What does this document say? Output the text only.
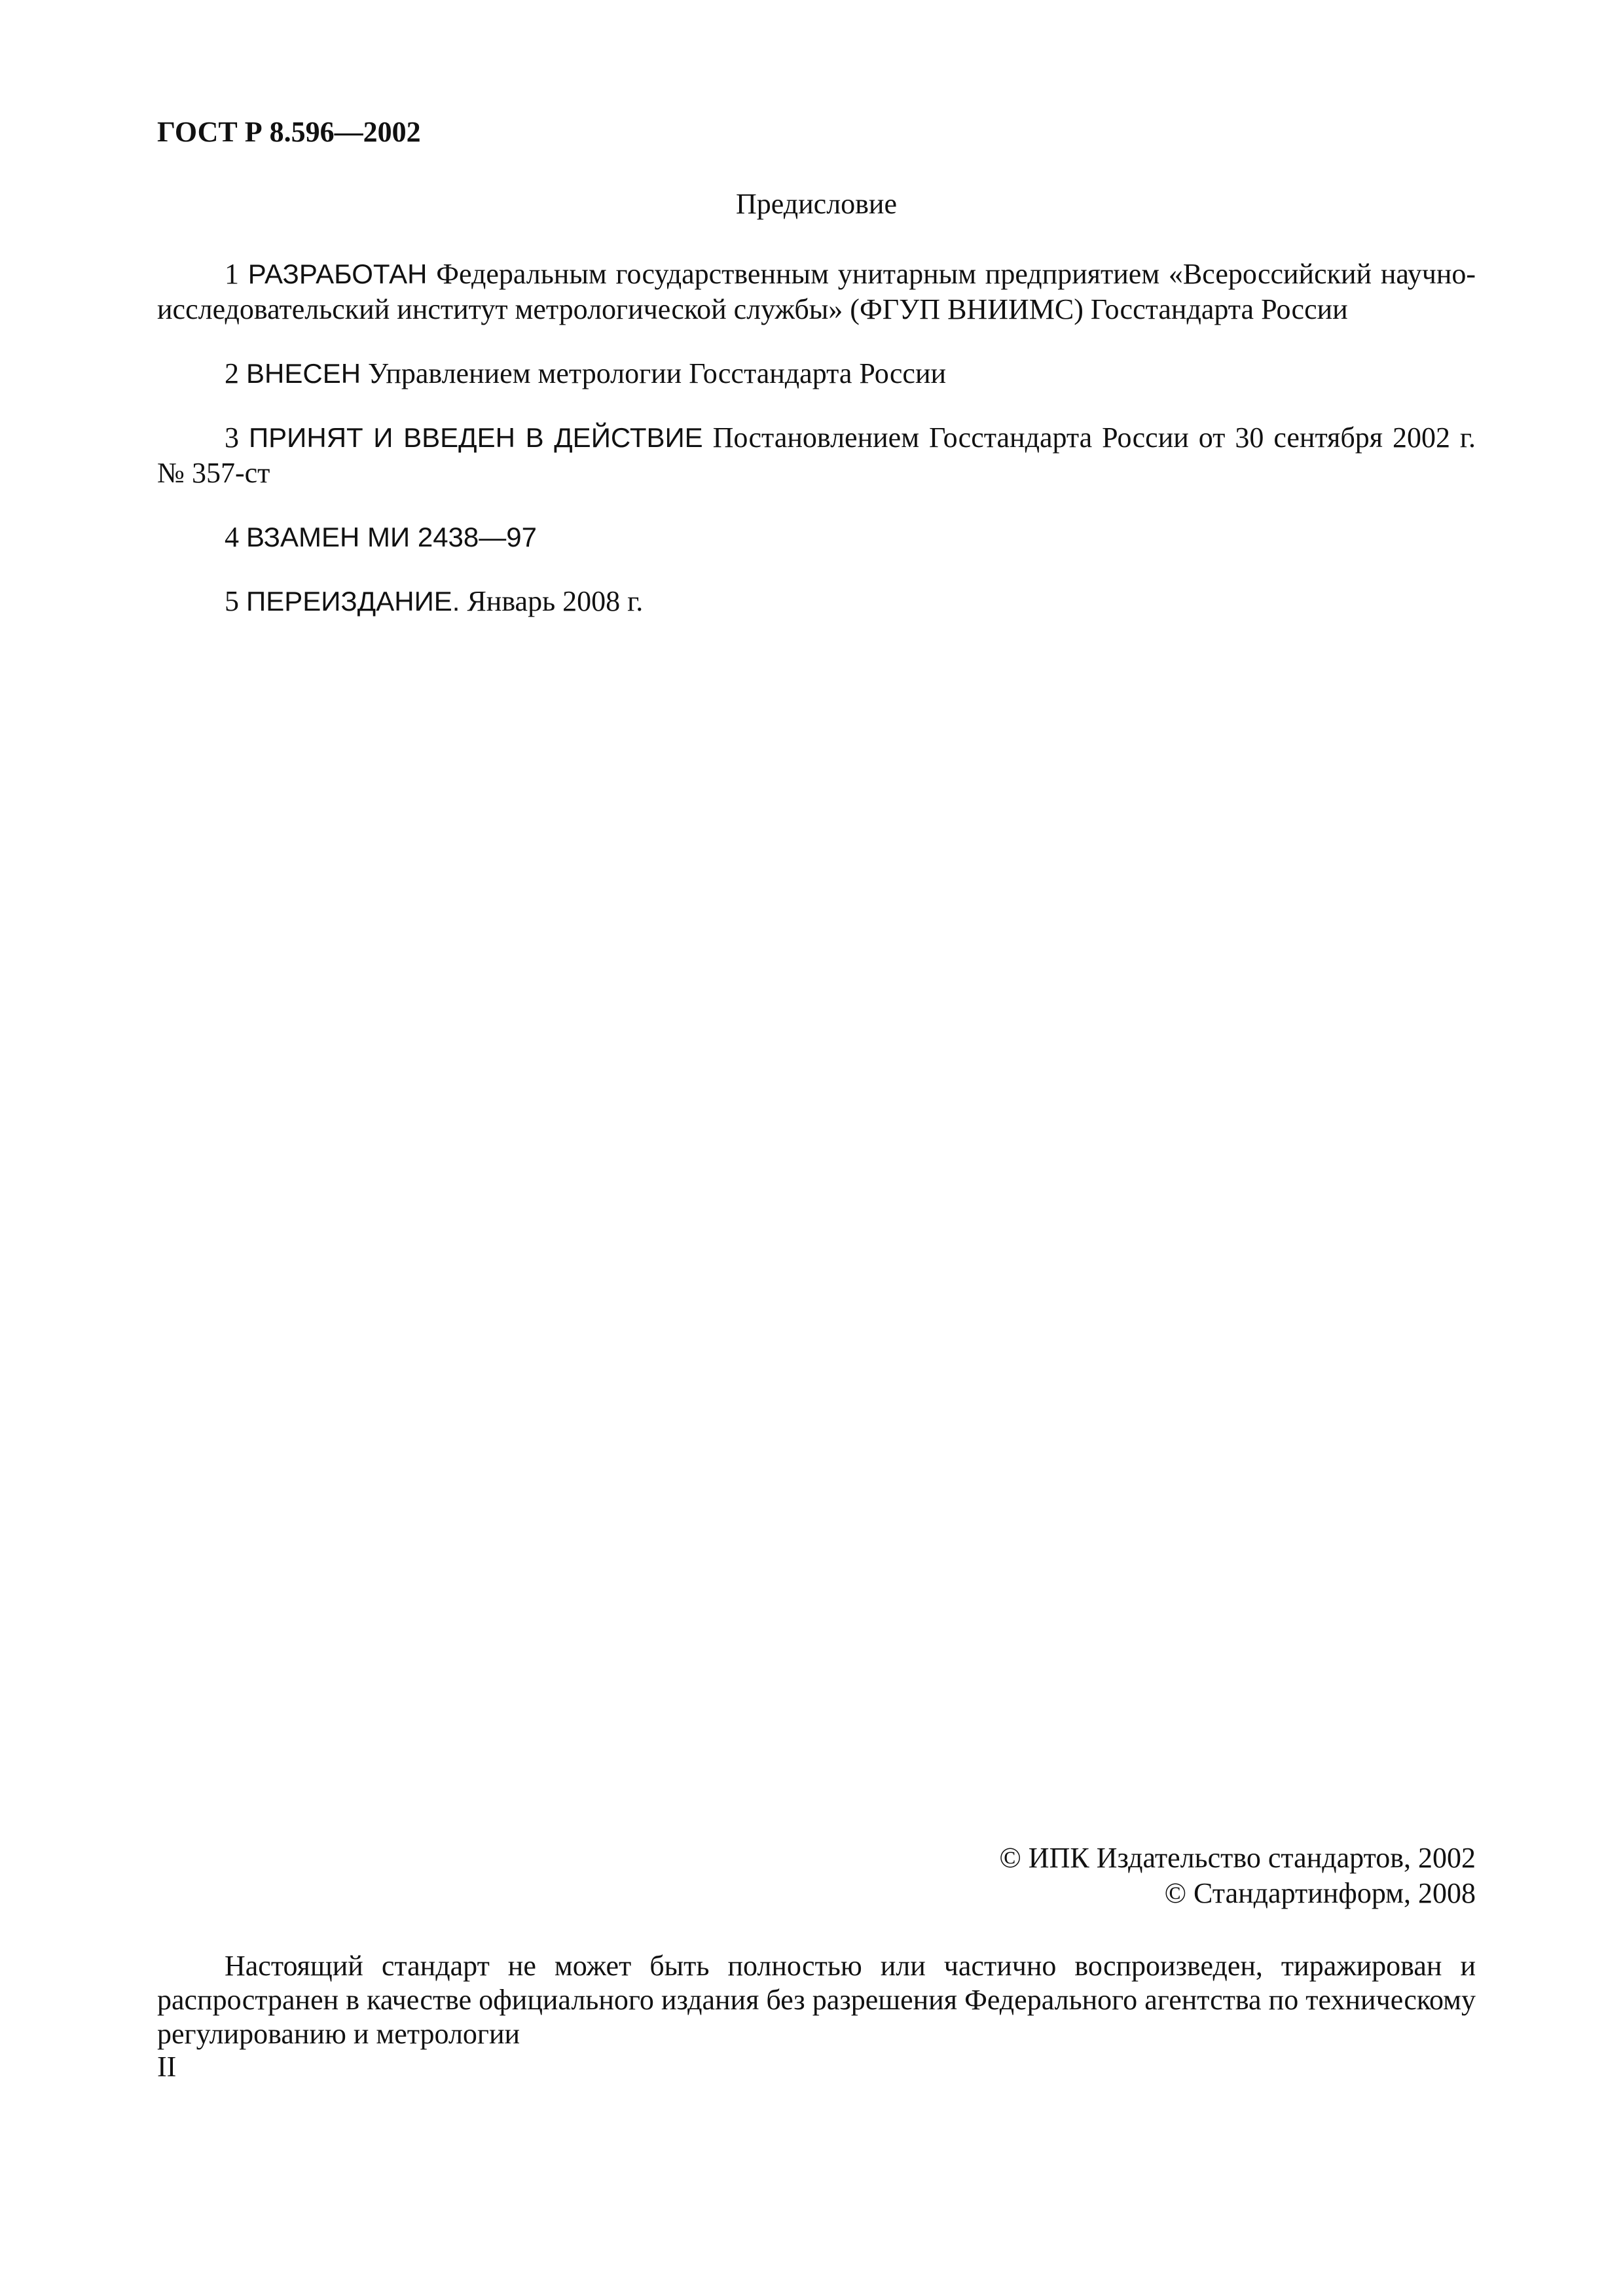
ГОСТ Р 8.596—2002
Предисловие

1 РАЗРАБОТАН Федеральным государственным унитарным предприятием «Всероссийский научно-исследовательский институт метрологической службы» (ФГУП ВНИИМС) Госстандарта России

2 ВНЕСЕН Управлением метрологии Госстандарта России

3 ПРИНЯТ И ВВЕДЕН В ДЕЙСТВИЕ Постановлением Госстандарта России от 30 сентября 2002 г. № 357-ст

4 ВЗАМЕН МИ 2438—97

5 ПЕРЕИЗДАНИЕ. Январь 2008 г.

© ИПК Издательство стандартов, 2002
© Стандартинформ, 2008

Настоящий стандарт не может быть полностью или частично воспроизведен, тиражирован и распространен в качестве официального издания без разрешения Федерального агентства по техническому регулированию и метрологии

II
